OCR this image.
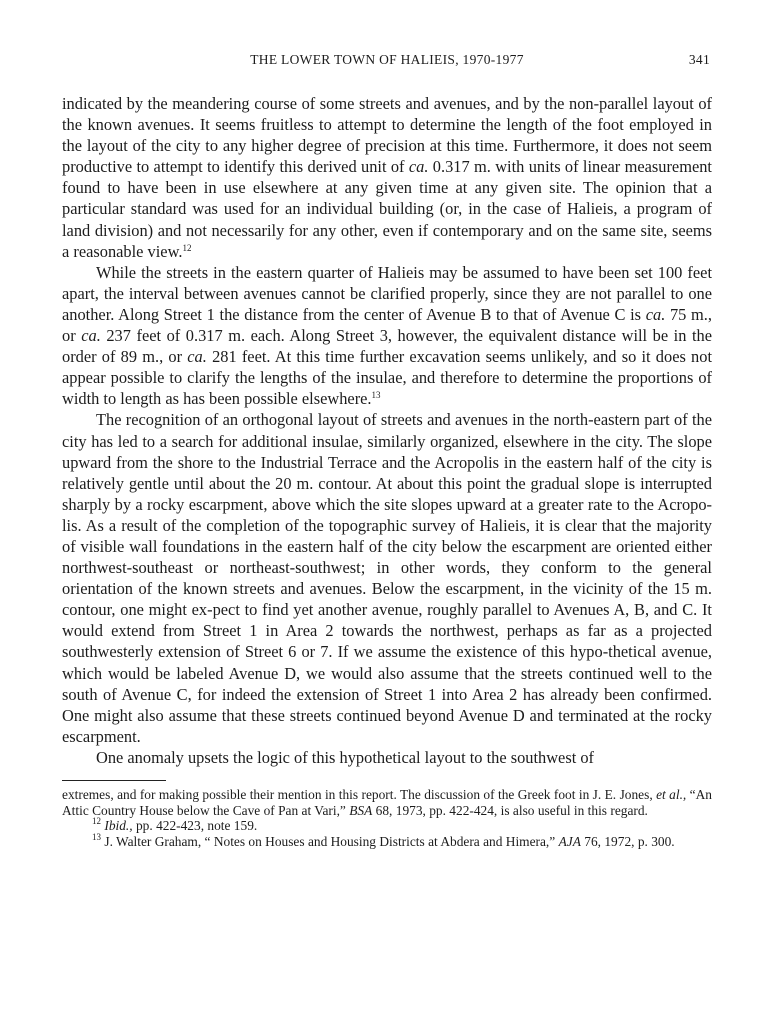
THE LOWER TOWN OF HALIEIS, 1970-1977	341

indicated by the meandering course of some streets and avenues, and by the non-parallel layout of the known avenues. It seems fruitless to attempt to determine the length of the foot employed in the layout of the city to any higher degree of precision at this time. Furthermore, it does not seem productive to attempt to identify this derived unit of ca. 0.317 m. with units of linear measurement found to have been in use elsewhere at any given time at any given site. The opinion that a particular standard was used for an individual building (or, in the case of Halieis, a program of land division) and not necessarily for any other, even if contemporary and on the same site, seems a reasonable view.$^{12}$

While the streets in the eastern quarter of Halieis may be assumed to have been set 100 feet apart, the interval between avenues cannot be clarified properly, since they are not parallel to one another. Along Street 1 the distance from the center of Avenue B to that of Avenue C is ca. 75 m., or ca. 237 feet of 0.317 m. each. Along Street 3, however, the equivalent distance will be in the order of 89 m., or ca. 281 feet. At this time further excavation seems unlikely, and so it does not appear possible to clarify the lengths of the insulae, and therefore to determine the proportions of width to length as has been possible elsewhere.$^{13}$

The recognition of an orthogonal layout of streets and avenues in the north-eastern part of the city has led to a search for additional insulae, similarly organized, elsewhere in the city. The slope upward from the shore to the Industrial Terrace and the Acropolis in the eastern half of the city is relatively gentle until about the 20 m. contour. At about this point the gradual slope is interrupted sharply by a rocky escarpment, above which the site slopes upward at a greater rate to the Acropo-lis. As a result of the completion of the topographic survey of Halieis, it is clear that the majority of visible wall foundations in the eastern half of the city below the escarpment are oriented either northwest-southeast or northeast-southwest; in other words, they conform to the general orientation of the known streets and avenues. Below the escarpment, in the vicinity of the 15 m. contour, one might ex-pect to find yet another avenue, roughly parallel to Avenues A, B, and C. It would extend from Street 1 in Area 2 towards the northwest, perhaps as far as a projected southwesterly extension of Street 6 or 7. If we assume the existence of this hypo-thetical avenue, which would be labeled Avenue D, we would also assume that the streets continued well to the south of Avenue C, for indeed the extension of Street 1 into Area 2 has already been confirmed. One might also assume that these streets continued beyond Avenue D and terminated at the rocky escarpment.

One anomaly upsets the logic of this hypothetical layout to the southwest of

extremes, and for making possible their mention in this report. The discussion of the Greek foot in J. E. Jones, et al., “An Attic Country House below the Cave of Pan at Vari,” BSA 68, 1973, pp. 422-424, is also useful in this regard.

$^{12}$ Ibid., pp. 422-423, note 159.

$^{13}$ J. Walter Graham, “ Notes on Houses and Housing Districts at Abdera and Himera,” AJA 76, 1972, p. 300.
